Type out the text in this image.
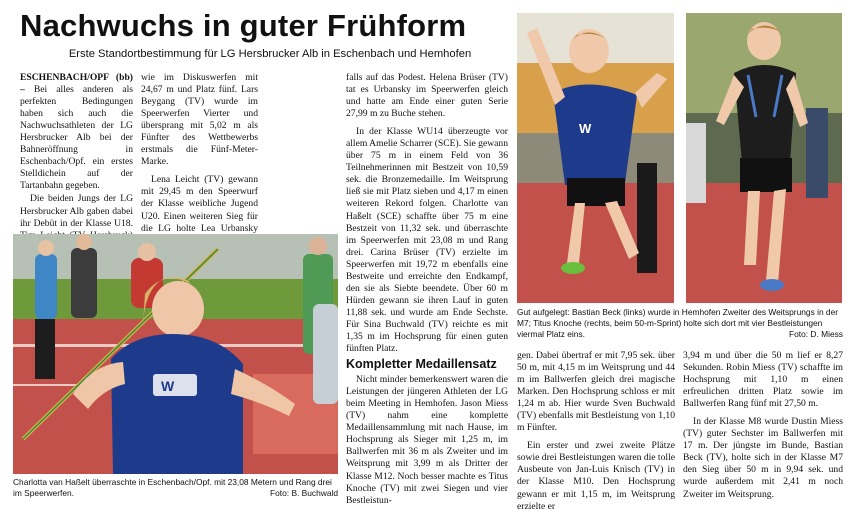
Nachwuchs in guter Frühform
Erste Standortbestimmung für LG Hersbrucker Alb in Eschenbach und Hemhofen

ESCHENBACH/OPF (bb) – Bei alles anderen als perfekten Bedingungen haben sich auch die Nachwuchsathleten der LG Hersbrucker Alb bei der Bahneröffnung in Eschenbach/Opf. ein erstes Stelldichein auf der Tartanbahn gegeben.

Die beiden Jungs der LG Hersbrucker Alb gaben dabei ihr Debüt in der Klasse U18.

wie im Diskuswerfen mit 24,67 m und Platz fünf. Lars Beygang (TV) wurde im Speerwerfen Vierter und übersprang mit 5,02 m als Fünfter des Wettbewerbs erstmals die Fünf-Meter-Marke.

Lena Leicht (TV) gewann mit 29,45 m den Speerwurf der Klasse weibliche Jugend U20. Einen weiteren Sieg für die LG holte Lea Urbansky

W
Charlotta van Haßelt überraschte in Eschenbach/Opf. mit 23,08 Metern und Rang drei im Speerwerfen.	Foto: B. Buchwald

falls auf das Podest. Helena Brüser (TV) tat es Urbansky im Speerwerfen gleich und hatte am Ende einer guten Serie 27,99 m zu Buche stehen.

In der Klasse WU14 überzeugte vor allem Amelie Scharrer (SCE). Sie gewann über 75 m in einem Feld von 36 Teilnehmerinnen mit Bestzeit von 10,59 sek. die Bronzemedaille. Im Weitsprung ließ sie mit Platz sieben und 4,17 m einen weiteren Rekord folgen. Charlotte van Haßelt (SCE) schaffte über 75 m eine Bestzeit von 11,32 sek. und überraschte im Speerwerfen mit 23,08 m und Rang drei. Carina Brüser (TV) erzielte im Speerwerfen mit 19,72 m ebenfalls eine Bestweite und erreichte den Endkampf, den sie als Siebte beendete. Über 60 m Hürden gewann sie ihren Lauf in guten 11,88 sek. und wurde am Ende Sechste. Für Sina Buchwald (TV) reichte es mit 1,35 m im Hochsprung für einen guten fünften Platz.

Kompletter Medaillensatz

Nicht minder bemerkenswert waren die Leistungen der jüngeren Athleten der LG beim Meeting in Hemhofen. Jason Miess (TV) nahm eine komplette Medaillensammlung mit nach Hause, im Hochsprung als Sieger mit 1,25 m, im Ballwerfen mit 36 m als Zweiter und im Weitsprung mit 3,99 m als Dritter der Klasse M12. Noch besser machte es Titus Knoche (TV) mit zwei Siegen und vier Bestleistun-

W
Gut aufgelegt: Bastian Beck (links) wurde in Hemhofen Zweiter des Weitsprungs in der M7; Titus Knoche (rechts, beim 50-m-Sprint) holte sich dort mit vier Bestleistungen viermal Platz eins.	Foto: D. Miess

gen. Dabei übertraf er mit 7,95 sek. über 50 m, mit 4,15 m im Weitsprung und 44 m im Ballwerfen gleich drei magische Marken. Den Hochsprung schloss er mit 1,24 m ab. Hier wurde Sven Buchwald (TV) ebenfalls mit Bestleistung von 1,10 m Fünfter.

Ein erster und zwei zweite Plätze sowie drei Bestleistungen waren die tolle Ausbeute von Jan-Luis Knisch (TV) in der Klasse M10. Den Hochsprung gewann er mit 1,15 m, im Weitsprung erzielte er

3,94 m und über die 50 m lief er 8,27 Sekunden. Robin Miess (TV) schaffte im Hochsprung mit 1,10 m einen erfreulichen dritten Platz sowie im Ballwerfen Rang fünf mit 27,50 m.

In der Klasse M8 wurde Dustin Miess (TV) guter Sechster im Ballwerfen mit 17 m. Der jüngste im Bunde, Bastian Beck (TV), holte sich in der Klasse M7 den Sieg über 50 m in 9,94 sek. und wurde außerdem mit 2,41 m noch Zweiter im Weitsprung.
